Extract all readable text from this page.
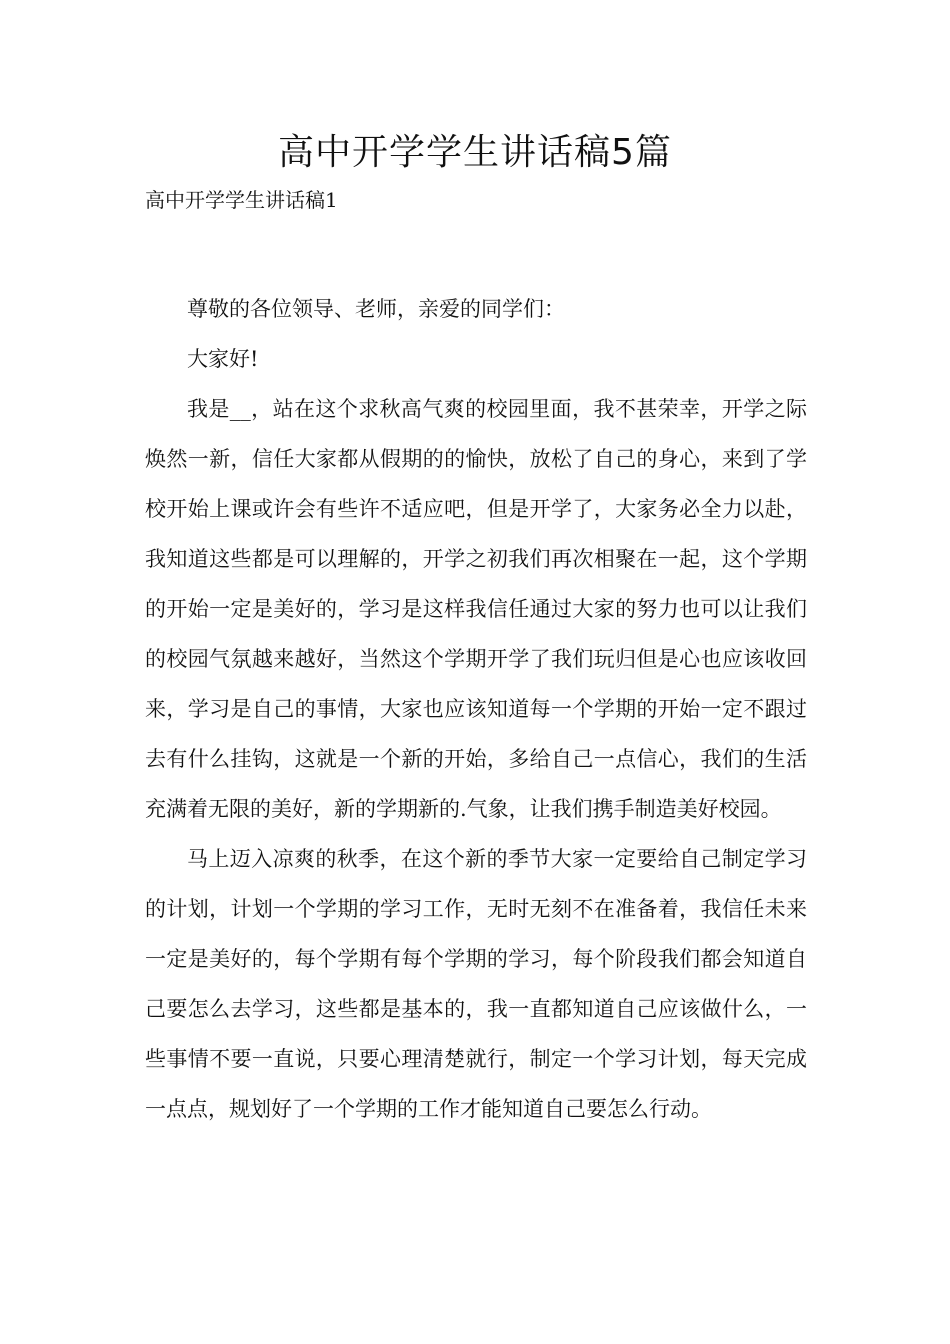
高中开学学生讲话稿5篇
高中开学学生讲话稿1

尊敬的各位领导、老师，亲爱的同学们：

大家好!

我是__，站在这个求秋高气爽的校园里面，我不甚荣幸，开学之际焕然一新，信任大家都从假期的的愉快，放松了自己的身心，来到了学校开始上课或许会有些许不适应吧，但是开学了，大家务必全力以赴，我知道这些都是可以理解的，开学之初我们再次相聚在一起，这个学期的开始一定是美好的，学习是这样我信任通过大家的努力也可以让我们的校园气氛越来越好，当然这个学期开学了我们玩归但是心也应该收回来，学习是自己的事情，大家也应该知道每一个学期的开始一定不跟过去有什么挂钩，这就是一个新的开始，多给自己一点信心，我们的生活充满着无限的美好，新的学期新的.气象，让我们携手制造美好校园。

马上迈入凉爽的秋季，在这个新的季节大家一定要给自己制定学习的计划，计划一个学期的学习工作，无时无刻不在准备着，我信任未来一定是美好的，每个学期有每个学期的学习，每个阶段我们都会知道自己要怎么去学习，这些都是基本的，我一直都知道自己应该做什么，一些事情不要一直说，只要心理清楚就行，制定一个学习计划，每天完成一点点，规划好了一个学期的工作才能知道自己要怎么行动。
